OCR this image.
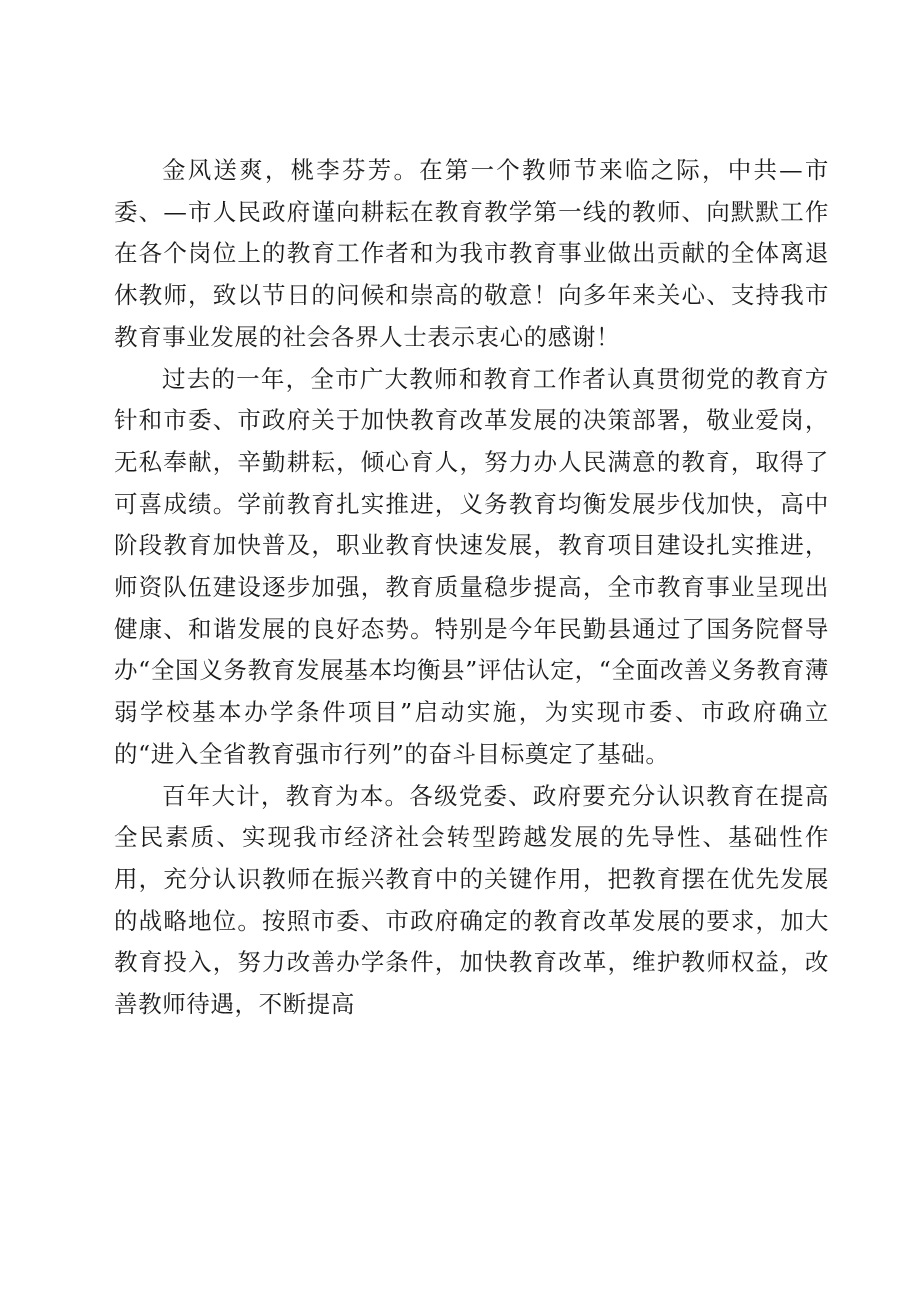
金风送爽，桃李芬芳。在第一个教师节来临之际，中共—市委、—市人民政府谨向耕耘在教育教学第一线的教师、向默默工作在各个岗位上的教育工作者和为我市教育事业做出贡献的全体离退休教师，致以节日的问候和崇高的敬意！向多年来关心、支持我市教育事业发展的社会各界人士表示衷心的感谢！

过去的一年，全市广大教师和教育工作者认真贯彻党的教育方针和市委、市政府关于加快教育改革发展的决策部署，敬业爱岗，无私奉献，辛勤耕耘，倾心育人，努力办人民满意的教育，取得了可喜成绩。学前教育扎实推进，义务教育均衡发展步伐加快，高中阶段教育加快普及，职业教育快速发展，教育项目建设扎实推进，师资队伍建设逐步加强，教育质量稳步提高，全市教育事业呈现出健康、和谐发展的良好态势。特别是今年民勤县通过了国务院督导办“全国义务教育发展基本均衡县”评估认定，“全面改善义务教育薄弱学校基本办学条件项目”启动实施，为实现市委、市政府确立的“进入全省教育强市行列”的奋斗目标奠定了基础。

百年大计，教育为本。各级党委、政府要充分认识教育在提高全民素质、实现我市经济社会转型跨越发展的先导性、基础性作用，充分认识教师在振兴教育中的关键作用，把教育摆在优先发展的战略地位。按照市委、市政府确定的教育改革发展的要求，加大教育投入，努力改善办学条件，加快教育改革，维护教师权益，改善教师待遇，不断提高
